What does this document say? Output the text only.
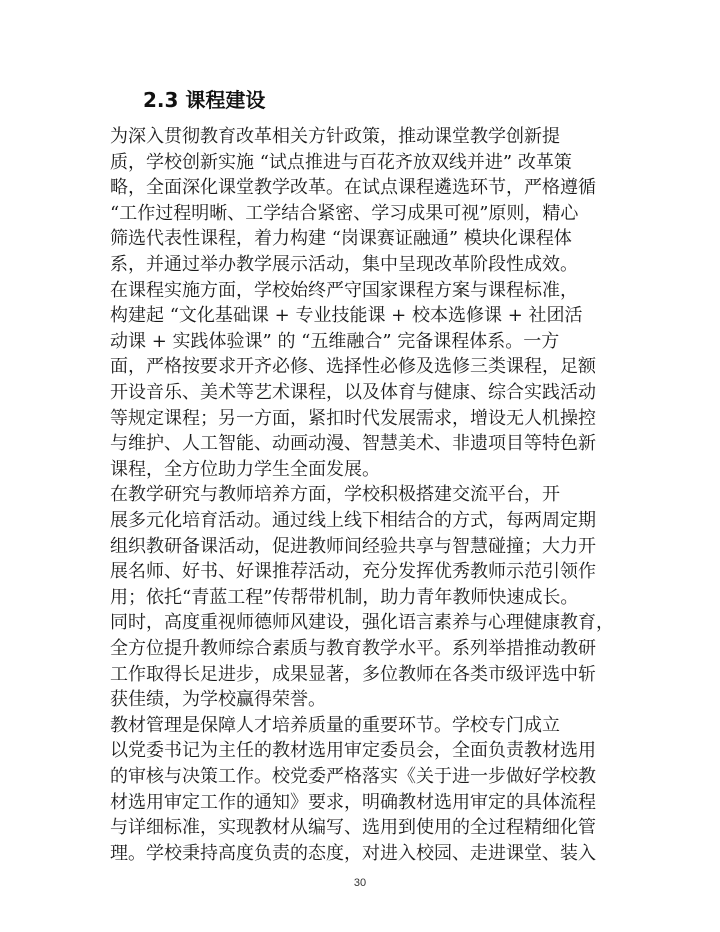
2.3 课程建设
为深入贯彻教育改革相关方针政策，推动课堂教学创新提
质，学校创新实施 “试点推进与百花齐放双线并进” 改革策
略，全面深化课堂教学改革。在试点课程遴选环节，严格遵循
“工作过程明晰、工学结合紧密、学习成果可视”原则，精心
筛选代表性课程，着力构建 “岗课赛证融通” 模块化课程体
系，并通过举办教学展示活动，集中呈现改革阶段性成效。
在课程实施方面，学校始终严守国家课程方案与课程标准，
构建起 “文化基础课 + 专业技能课 + 校本选修课 + 社团活
动课 + 实践体验课” 的 “五维融合” 完备课程体系。一方
面，严格按要求开齐必修、选择性必修及选修三类课程，足额
开设音乐、美术等艺术课程，以及体育与健康、综合实践活动
等规定课程；另一方面，紧扣时代发展需求，增设无人机操控
与维护、人工智能、动画动漫、智慧美术、非遗项目等特色新
课程，全方位助力学生全面发展。
在教学研究与教师培养方面，学校积极搭建交流平台，开
展多元化培育活动。通过线上线下相结合的方式，每两周定期
组织教研备课活动，促进教师间经验共享与智慧碰撞；大力开
展名师、好书、好课推荐活动，充分发挥优秀教师示范引领作
用；依托“青蓝工程”传帮带机制，助力青年教师快速成长。
同时，高度重视师德师风建设，强化语言素养与心理健康教育，
全方位提升教师综合素质与教育教学水平。系列举措推动教研
工作取得长足进步，成果显著，多位教师在各类市级评选中斩
获佳绩，为学校赢得荣誉。
教材管理是保障人才培养质量的重要环节。学校专门成立
以党委书记为主任的教材选用审定委员会，全面负责教材选用
的审核与决策工作。校党委严格落实《关于进一步做好学校教
材选用审定工作的通知》要求，明确教材选用审定的具体流程
与详细标准，实现教材从编写、选用到使用的全过程精细化管
理。学校秉持高度负责的态度，对进入校园、走进课堂、装入
30
